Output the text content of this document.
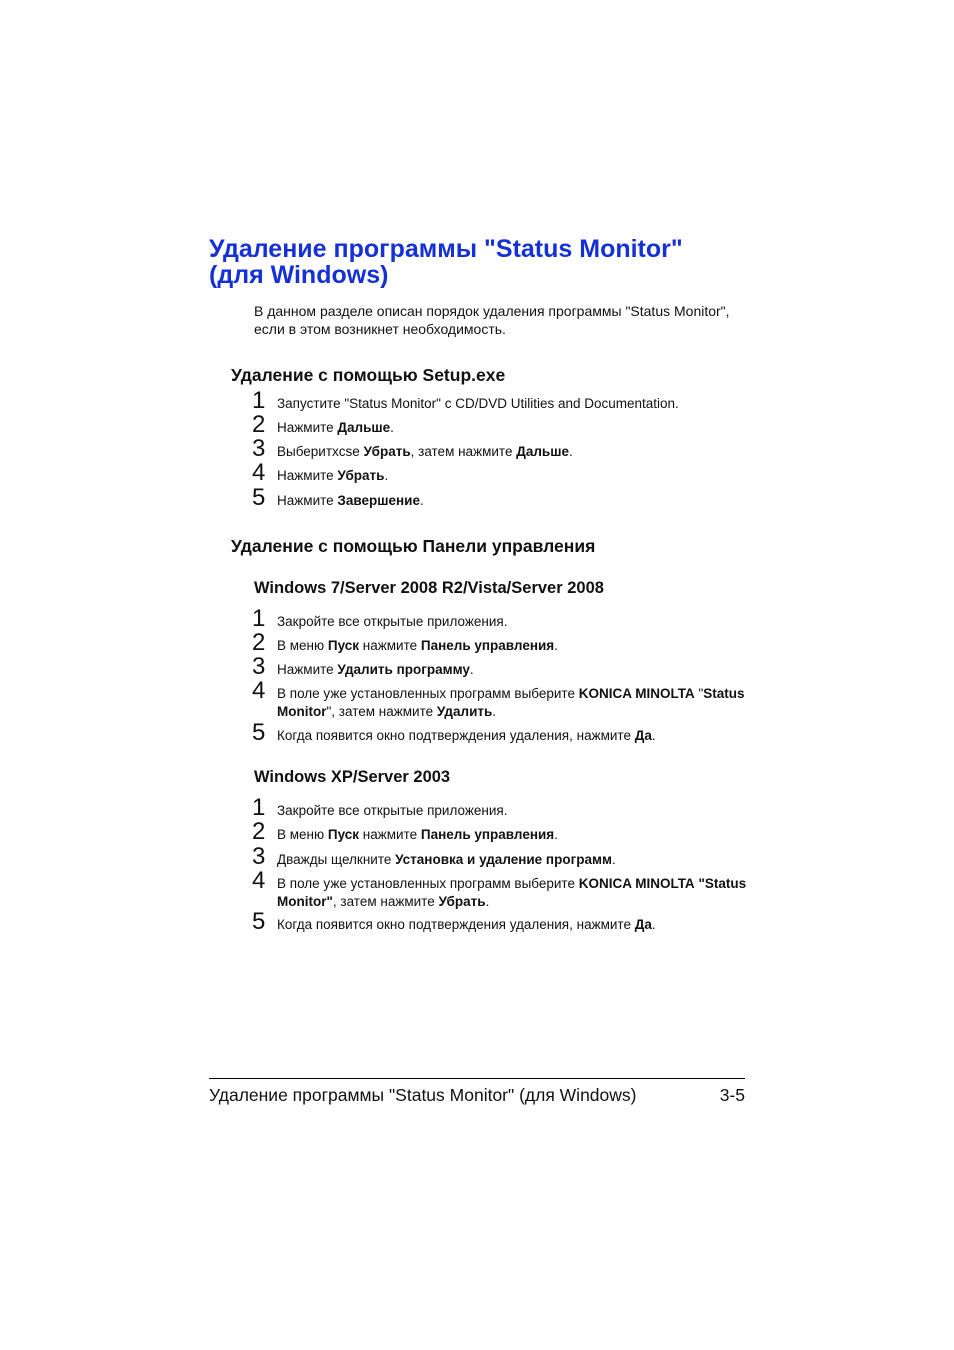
Удаление программы "Status Monitor"
(для Windows)

В данном разделе описан порядок удаления программы "Status Monitor", если в этом возникнет необходимость.

Удаление с помощью Setup.exe
1 Запустите "Status Monitor" с CD/DVD Utilities and Documentation.
2 Нажмите Дальше.
3 Выберитхcse Убрать, затем нажмите Дальше.
4 Нажмите Убрать.
5 Нажмите Завершение.
Удаление с помощью Панели управления
Windows 7/Server 2008 R2/Vista/Server 2008
1 Закройте все открытые приложения.
2 В меню Пуск нажмите Панель управления.
3 Нажмите Удалить программу.
4 В поле уже установленных программ выберите KONICA MINOLTA "Status Monitor", затем нажмите Удалить.
5 Когда появится окно подтверждения удаления, нажмите Да.
Windows XP/Server 2003
1 Закройте все открытые приложения.
2 В меню Пуск нажмите Панель управления.
3 Дважды щелкните Установка и удаление программ.
4 В поле уже установленных программ выберите KONICA MINOLTA "Status Monitor", затем нажмите Убрать.
5 Когда появится окно подтверждения удаления, нажмите Да.
Удаление программы "Status Monitor" (для Windows)	3-5
